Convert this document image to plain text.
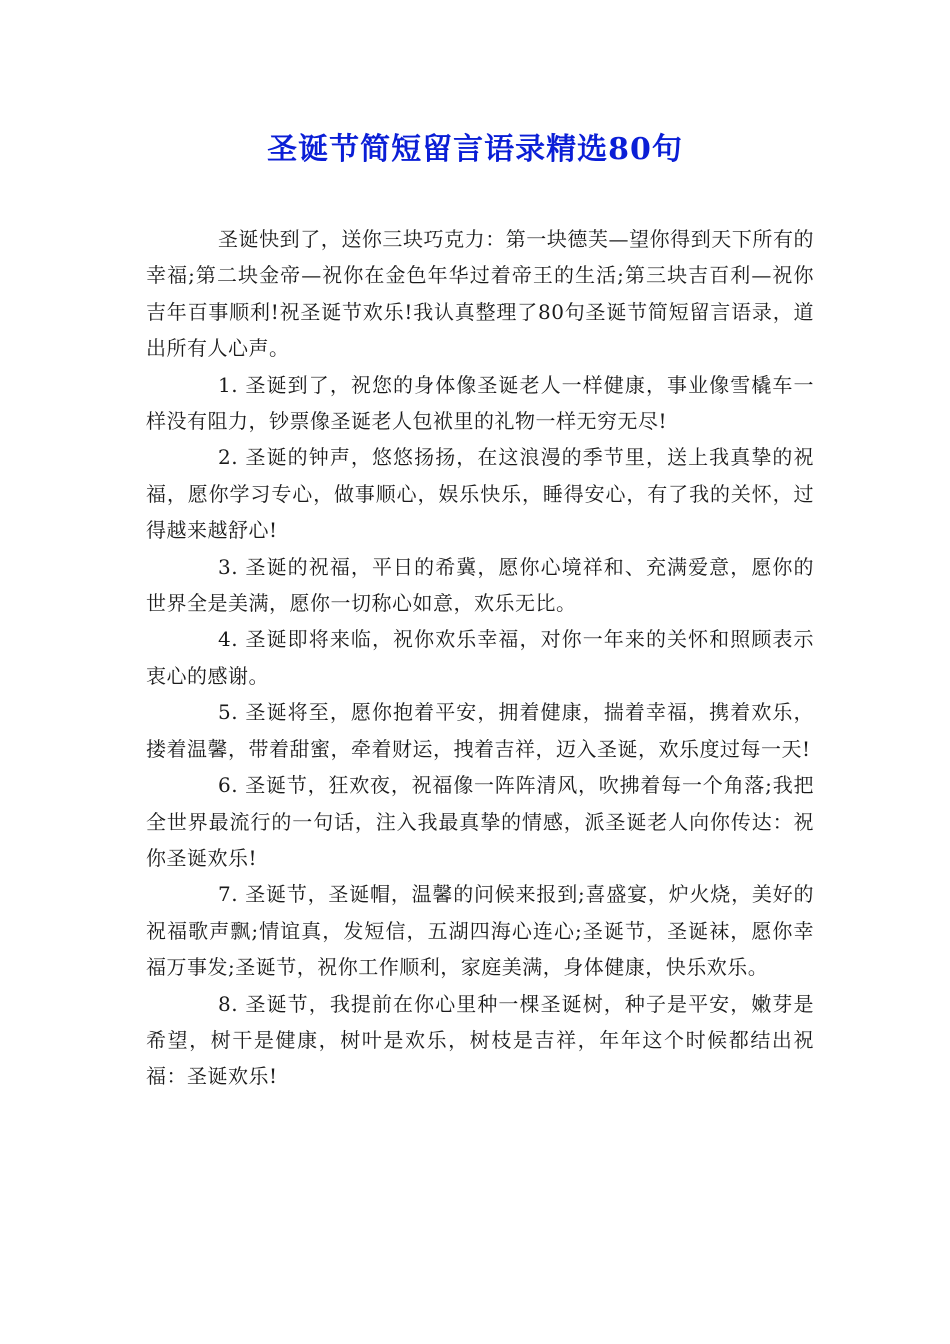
圣诞节简短留言语录精选80句

圣诞快到了，送你三块巧克力：第一块德芙—望你得到天下所有的幸福;第二块金帝—祝你在金色年华过着帝王的生活;第三块吉百利—祝你吉年百事顺利!祝圣诞节欢乐!我认真整理了80句圣诞节简短留言语录，道出所有人心声。

1. 圣诞到了，祝您的身体像圣诞老人一样健康，事业像雪橇车一样没有阻力，钞票像圣诞老人包袱里的礼物一样无穷无尽!

2. 圣诞的钟声，悠悠扬扬，在这浪漫的季节里，送上我真挚的祝福，愿你学习专心，做事顺心，娱乐快乐，睡得安心，有了我的关怀，过得越来越舒心!

3. 圣诞的祝福，平日的希冀，愿你心境祥和、充满爱意，愿你的世界全是美满，愿你一切称心如意，欢乐无比。

4. 圣诞即将来临，祝你欢乐幸福，对你一年来的关怀和照顾表示衷心的感谢。

5. 圣诞将至，愿你抱着平安，拥着健康，揣着幸福，携着欢乐，搂着温馨，带着甜蜜，牵着财运，拽着吉祥，迈入圣诞，欢乐度过每一天!

6. 圣诞节，狂欢夜，祝福像一阵阵清风，吹拂着每一个角落;我把全世界最流行的一句话，注入我最真挚的情感，派圣诞老人向你传达：祝你圣诞欢乐!

7. 圣诞节，圣诞帽，温馨的问候来报到;喜盛宴，炉火烧，美好的祝福歌声飘;情谊真，发短信，五湖四海心连心;圣诞节，圣诞袜，愿你幸福万事发;圣诞节，祝你工作顺利，家庭美满，身体健康，快乐欢乐。

8. 圣诞节，我提前在你心里种一棵圣诞树，种子是平安，嫩芽是希望，树干是健康，树叶是欢乐，树枝是吉祥，年年这个时候都结出祝福：圣诞欢乐!
